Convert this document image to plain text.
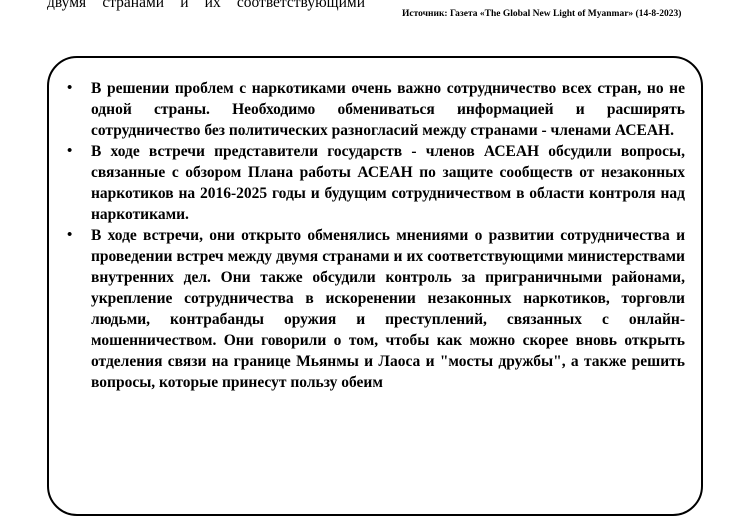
двумя странами и их соответствующими
Источник: Газета «The Global New Light of Myanmar» (14-8-2023)
• В решении проблем с наркотиками очень важно сотрудничество всех стран, но не одной страны. Необходимо обмениваться информацией и расширять сотрудничество без политических разногласий между странами - членами АСЕАН.
• В ходе встречи представители государств - членов АСЕАН обсудили вопросы, связанные с обзором Плана работы АСЕАН по защите сообществ от незаконных наркотиков на 2016-2025 годы и будущим сотрудничеством в области контроля над наркотиками.
• В ходе встречи, они открыто обменялись мнениями о развитии сотрудничества и проведении встреч между двумя странами и их соответствующими министерствами внутренних дел. Они также обсудили контроль за приграничными районами, укрепление сотрудничества в искоренении незаконных наркотиков, торговли людьми, контрабанды оружия и преступлений, связанных с онлайн-мошенничеством. Они говорили о том, чтобы как можно скорее вновь открыть отделения связи на границе Мьянмы и Лаоса и "мосты дружбы", а также решить вопросы, которые принесут пользу обеим
